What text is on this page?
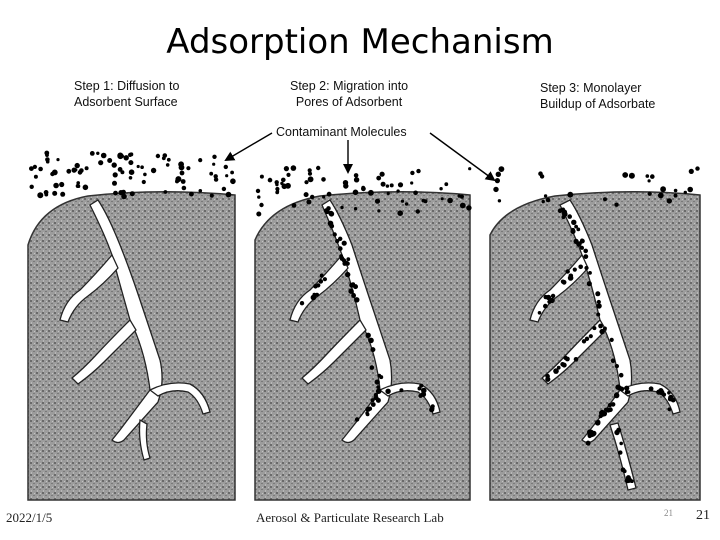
Adsorption Mechanism
Step 1: Diffusion to
Adsorbent Surface
Step 2: Migration into
Pores of Adsorbent
Step 3: Monolayer
Buildup of Adsorbate
Contaminant Molecules
2022/1/5	Aerosol & Particulate Research Lab	21 21
